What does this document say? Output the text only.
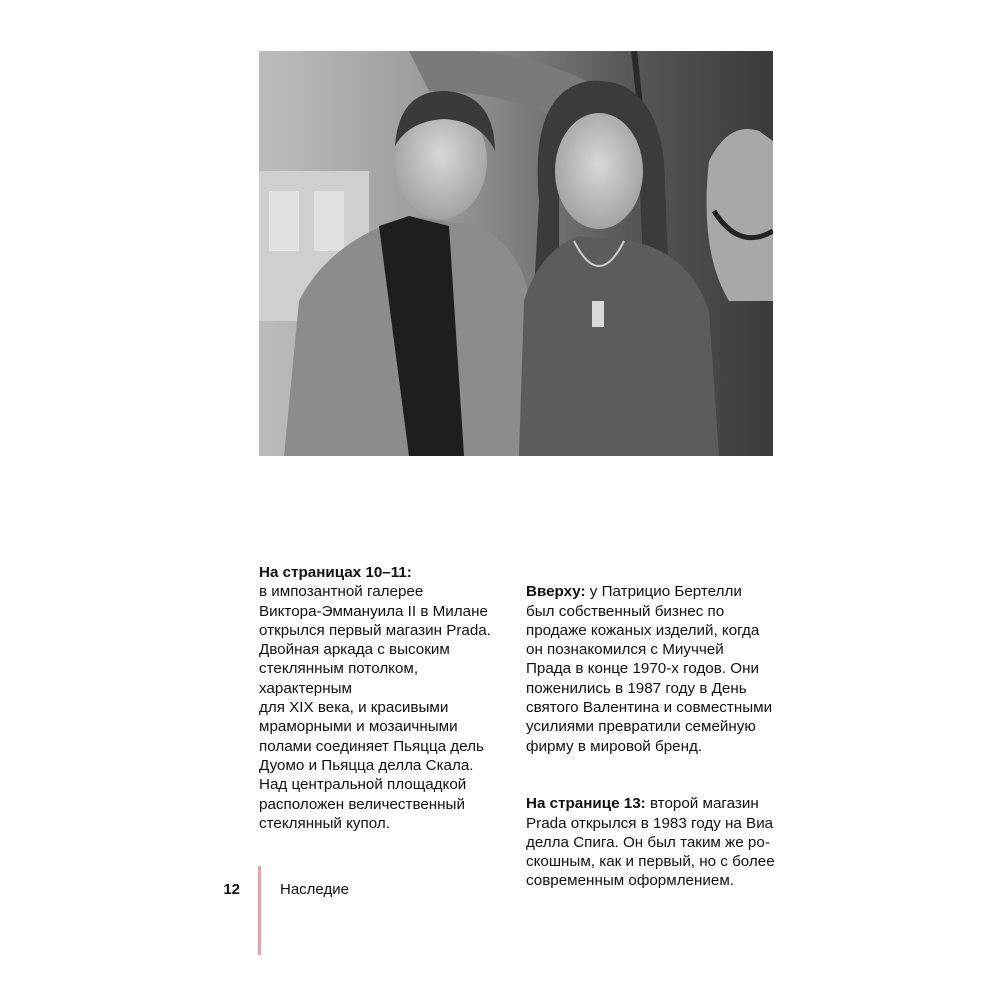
На страницах 10–11:
в импозантной галерее
Виктора-Эммануила II в Милане
открылся первый магазин Prada.
Двойная аркада с высоким
стеклянным потолком, характерным
для XIX века, и красивыми
мраморными и мозаичными
полами соединяет Пьяцца дель
Дуомо и Пьяцца делла Скала.
Над центральной площадкой
расположен величественный
стеклянный купол.

Вверху: у Патрицио Бертелли
был собственный бизнес по
продаже кожаных изделий, когда
он познакомился с Миуччей
Прада в конце 1970-х годов. Они
поженились в 1987 году в День
святого Валентина и совместными
усилиями превратили семейную
фирму в мировой бренд.

На странице 13: второй магазин
Prada открылся в 1983 году на Виа
делла Спига. Он был таким же ро-
скошным, как и первый, но с более
современным оформлением.

12	Наследие
